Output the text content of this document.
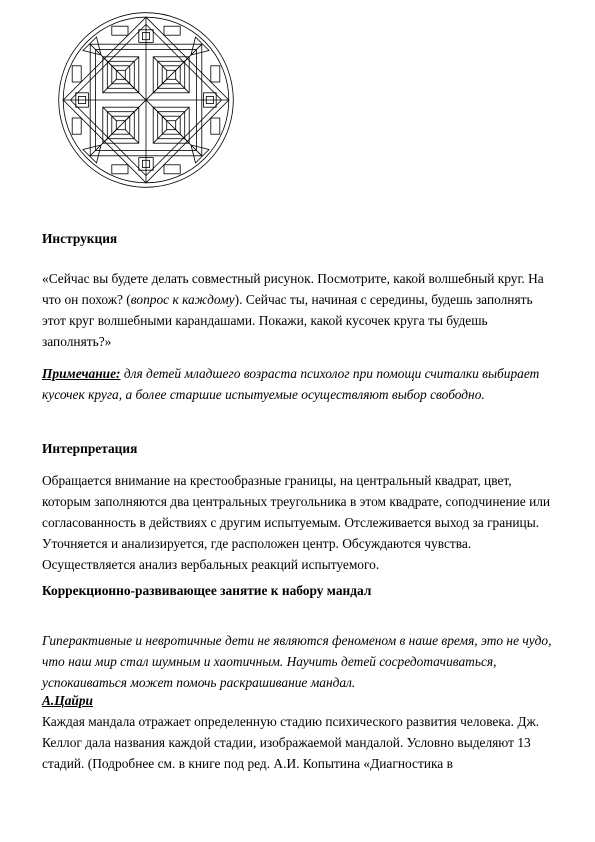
Инструкция
«Сейчас вы будете делать совместный рисунок. Посмотрите, какой волшебный круг. На что он похож? (вопрос к каждому). Сейчас ты, начиная с середины, будешь заполнять этот круг волшебными карандашами. Покажи, какой кусочек круга ты будешь заполнять?»
Примечание: для детей младшего возраста психолог при помощи считалки выбирает кусочек круга, а более старшие испытуемые осуществляют выбор свободно.
Интерпретация
Обращается внимание на крестообразные границы, на центральный квадрат, цвет, которым заполняются два центральных треугольника в этом квадрате, соподчинение или согласованность в действиях с другим испытуемым. Отслеживается выход за границы. Уточняется и анализируется, где расположен центр. Обсуждаются чувства. Осуществляется анализ вербальных реакций испытуемого.
Коррекционно-развивающее занятие к набору мандал
Гиперактивные и невротичные дети не являются феноменом в наше время, это не чудо, что наш мир стал шумным и хаотичным. Научить детей сосредотачиваться, успокаиваться может помочь раскрашивание мандал.
А.Цайри
Каждая мандала отражает определенную стадию психического развития человека. Дж. Келлог дала названия каждой стадии, изображаемой мандалой. Условно выделяют 13 стадий. (Подробнее см. в книге под ред. А.И. Копытина «Диагностика в
